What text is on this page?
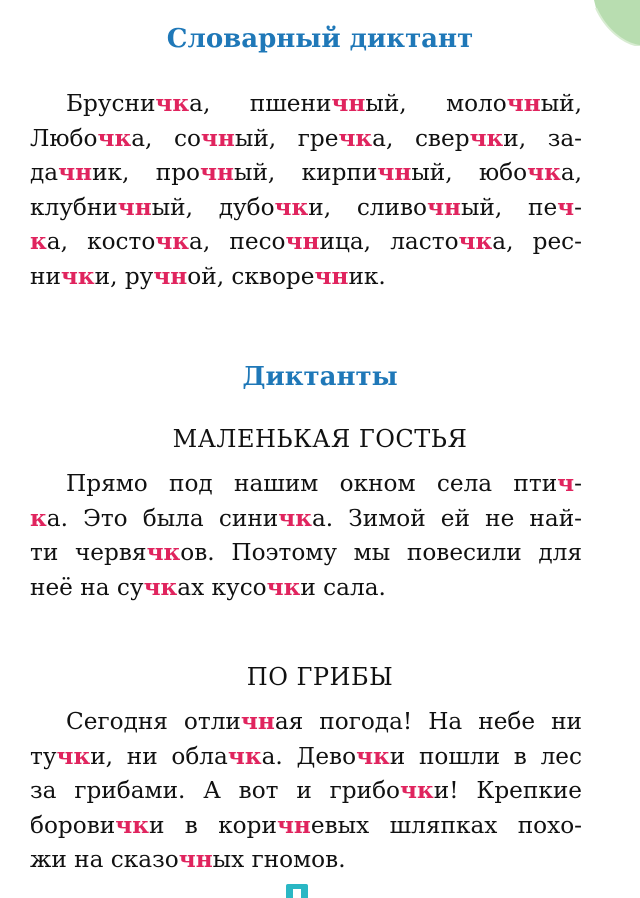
Словарный диктант
Брусничка, пшеничный, молочный,
Любочка, сочный, гречка, сверчки, за-
дачник, прочный, кирпичный, юбочка,
клубничный, дубочки, сливочный, печ-
ка, косточка, песочница, ласточка, рес-
нички, ручной, скворечник.
Диктанты
МАЛЕНЬКАЯ ГОСТЬЯ
Прямо под нашим окном села птич-
ка. Это была синичка. Зимой ей не най-
ти червячков. Поэтому мы повесили для
неё на сучках кусочки сала.
ПО ГРИБЫ
Сегодня отличная погода! На небе ни
тучки, ни облачка. Девочки пошли в лес
за грибами. А вот и грибочки! Крепкие
боровички в коричневых шляпках похо-
жи на сказочных гномов.
